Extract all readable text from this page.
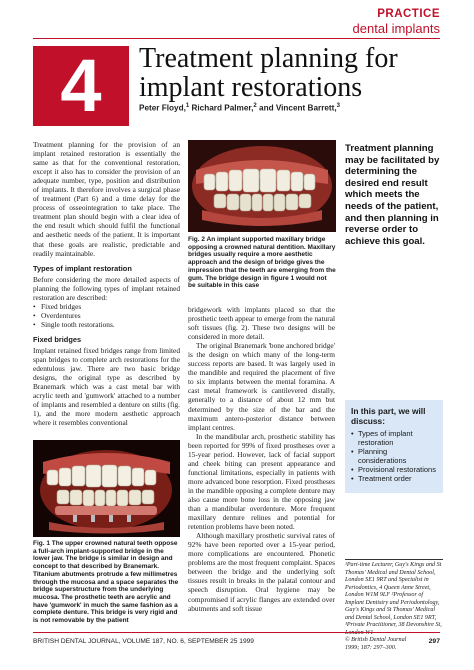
PRACTICE
dental implants
4	Treatment planning for implant restorations
Peter Floyd,$^1$ Richard Palmer,$^2$ and Vincent Barrett,$^3$

Treatment planning for the provision of an implant retained restoration is essentially the same as that for the conventional restoration, except it also has to consider the provision of an adequate number, type, position and distribution of implants. It therefore involves a surgical phase of treatment (Part 6) and a time delay for the process of osseointegration to take place. The treatment plan should begin with a clear idea of the end result which should fulfil the functional and aesthetic needs of the patient. It is important that these goals are realistic, predictable and readily maintainable.

Types of implant restoration

Before considering the more detailed aspects of planning the following types of implant retained restoration are described:

• Fixed bridges
• Overdentures
• Single tooth restorations.
Fixed bridges

Implant retained fixed bridges range from limited span bridges to complete arch restorations for the edentulous jaw. There are two basic bridge designs, the original type as described by Branemark which was a cast metal bar with acrylic teeth and 'gumwork' attached to a number of implants and resembled a denture on stilts (fig. 1), and the more modern aesthetic approach where it resembles conventional

Fig. 2 An implant supported maxillary bridge opposing a crowned natural dentition. Maxillary bridges usually require a more aesthetic approach and the design of bridge gives the impression that the teeth are emerging from the gum. The bridge design in figure 1 would not be suitable in this case
Fig. 1 The upper crowned natural teeth oppose a full-arch implant-supported bridge in the lower jaw. The bridge is similar in design and concept to that described by Branemark. Titanium abutments protrude a few millimetres through the mucosa and a space separates the bridge superstructure from the underlying mucosa. The prosthetic teeth are acrylic and have 'gumwork' in much the same fashion as a complete denture. This bridge is very rigid and is not removable by the patient

bridgework with implants placed so that the prosthetic teeth appear to emerge from the natural soft tissues (fig. 2). These two designs will be considered in more detail.

The original Branemark 'bone anchored bridge' is the design on which many of the long-term success reports are based. It was largely used in the mandible and required the placement of five to six implants between the mental foramina. A cast metal framework is cantilevered distally, generally to a distance of about 12 mm but determined by the size of the bar and the maximum antero-posterior distance between implant centres.

In the mandibular arch, prosthetic stability has been reported for 99% of fixed prostheses over a 15-year period. However, lack of facial support and cheek biting can present appearance and functional limitations, especially in patients with more advanced bone resorption. Fixed prostheses in the mandible opposing a complete denture may also cause more bone loss in the opposing jaw than a mandibular overdenture. More frequent maxillary denture relines and potential for retention problems have been noted.

Although maxillary prosthetic survival rates of 92% have been reported over a 15-year period, more complications are encountered. Phonetic problems are the most frequent complaint. Spaces between the bridge and the underlying soft tissues result in breaks in the palatal contour and speech disruption. Oral hygiene may be compromised if acrylic flanges are extended over abutments and soft tissue

Treatment planning may be facilitated by determining the desired end result which meets the needs of the patient, and then planning in reverse order to achieve this goal.
In this part, we will discuss:
• Types of implant restoration
• Planning considerations
• Provisional restorations
• Treatment order
¹Part-time Lecturer, Guy's Kings and St Thomas' Medical and Dental School, London SE1 9RT and Specialist in Periodontics, 4 Queen Anne Street, London W1M 9LF ²Professor of Implant Dentistry and Periodontology, Guy's Kings and St Thomas' Medical and Dental School, London SE1 9RT, ³Private Practitioner, 38 Devonshire St,
© British Dental Journal
1999; 187: 297–300.
BRITISH DENTAL JOURNAL, VOLUME 187, NO. 6, SEPTEMBER 25 1999	297
